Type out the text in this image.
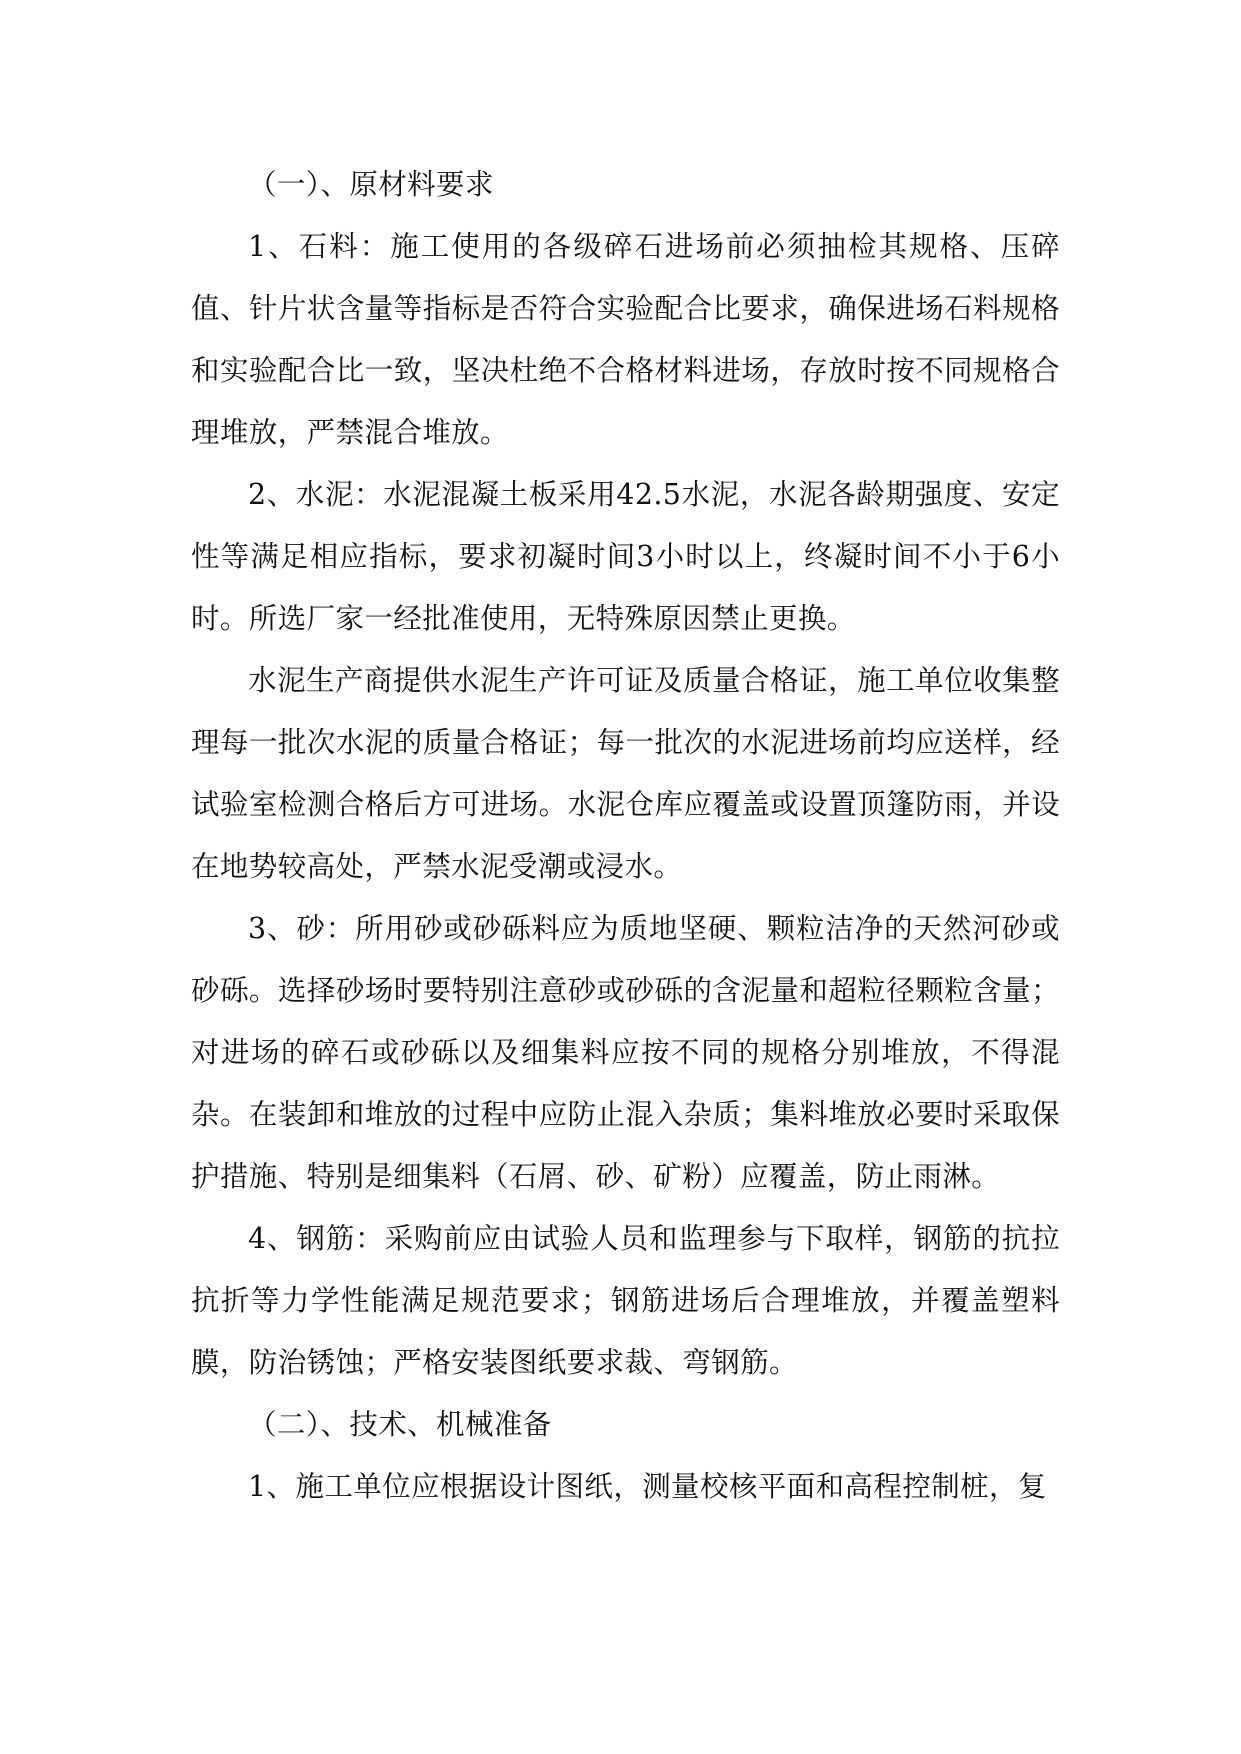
（一）、原材料要求

1、石料：施工使用的各级碎石进场前必须抽检其规格、压碎值、针片状含量等指标是否符合实验配合比要求，确保进场石料规格和实验配合比一致，坚决杜绝不合格材料进场，存放时按不同规格合理堆放，严禁混合堆放。

2、水泥：水泥混凝土板采用42.5水泥，水泥各龄期强度、安定性等满足相应指标，要求初凝时间3小时以上，终凝时间不小于6小时。所选厂家一经批准使用，无特殊原因禁止更换。

水泥生产商提供水泥生产许可证及质量合格证，施工单位收集整理每一批次水泥的质量合格证；每一批次的水泥进场前均应送样，经试验室检测合格后方可进场。水泥仓库应覆盖或设置顶篷防雨，并设在地势较高处，严禁水泥受潮或浸水。

3、砂：所用砂或砂砾料应为质地坚硬、颗粒洁净的天然河砂或砂砾。选择砂场时要特别注意砂或砂砾的含泥量和超粒径颗粒含量；对进场的碎石或砂砾以及细集料应按不同的规格分别堆放，不得混杂。在装卸和堆放的过程中应防止混入杂质；集料堆放必要时采取保护措施、特别是细集料（石屑、砂、矿粉）应覆盖，防止雨淋。

4、钢筋：采购前应由试验人员和监理参与下取样，钢筋的抗拉抗折等力学性能满足规范要求；钢筋进场后合理堆放，并覆盖塑料膜，防治锈蚀；严格安装图纸要求裁、弯钢筋。

（二）、技术、机械准备

1、施工单位应根据设计图纸，测量校核平面和高程控制桩，复
